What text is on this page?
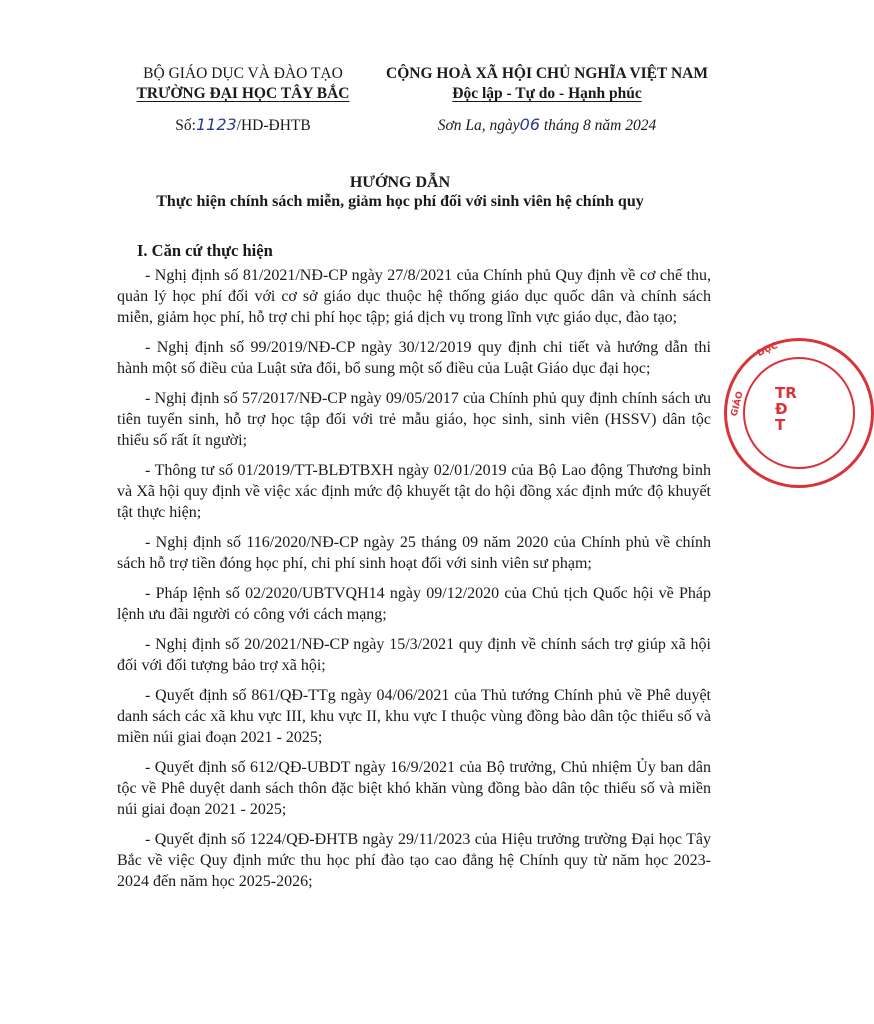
BỘ GIÁO DỤC VÀ ĐÀO TẠO
TRƯỜNG ĐẠI HỌC TÂY BẮC
CỘNG HOÀ XÃ HỘI CHỦ NGHĨA VIỆT NAM
Độc lập - Tự do - Hạnh phúc
Số:1123/HD-ĐHTB	Sơn La, ngày06 tháng 8 năm 2024
HƯỚNG DẪN
Thực hiện chính sách miễn, giảm học phí đối với sinh viên hệ chính quy
I. Căn cứ thực hiện

- Nghị định số 81/2021/NĐ-CP ngày 27/8/2021 của Chính phủ Quy định về cơ chế thu, quản lý học phí đối với cơ sở giáo dục thuộc hệ thống giáo dục quốc dân và chính sách miễn, giảm học phí, hỗ trợ chi phí học tập; giá dịch vụ trong lĩnh vực giáo dục, đào tạo;

- Nghị định số 99/2019/NĐ-CP ngày 30/12/2019 quy định chi tiết và hướng dẫn thi hành một số điều của Luật sửa đổi, bổ sung một số điều của Luật Giáo dục đại học;

- Nghị định số 57/2017/NĐ-CP ngày 09/05/2017 của Chính phủ quy định chính sách ưu tiên tuyển sinh, hỗ trợ học tập đối với trẻ mẫu giáo, học sinh, sinh viên (HSSV) dân tộc thiểu số rất ít người;

- Thông tư số 01/2019/TT-BLĐTBXH ngày 02/01/2019 của Bộ Lao động Thương binh và Xã hội quy định về việc xác định mức độ khuyết tật do hội đồng xác định mức độ khuyết tật thực hiện;

- Nghị định số 116/2020/NĐ-CP ngày 25 tháng 09 năm 2020 của Chính phủ về chính sách hỗ trợ tiền đóng học phí, chi phí sinh hoạt đối với sinh viên sư phạm;

- Pháp lệnh số 02/2020/UBTVQH14 ngày 09/12/2020 của Chủ tịch Quốc hội về Pháp lệnh ưu đãi người có công với cách mạng;

- Nghị định số 20/2021/NĐ-CP ngày 15/3/2021 quy định về chính sách trợ giúp xã hội đối với đối tượng bảo trợ xã hội;

- Quyết định số 861/QĐ-TTg ngày 04/06/2021 của Thủ tướng Chính phủ về Phê duyệt danh sách các xã khu vực III, khu vực II, khu vực I thuộc vùng đồng bào dân tộc thiểu số và miền núi giai đoạn 2021 - 2025;

- Quyết định số 612/QĐ-UBDT ngày 16/9/2021 của Bộ trưởng, Chủ nhiệm Ủy ban dân tộc về Phê duyệt danh sách thôn đặc biệt khó khăn vùng đồng bào dân tộc thiểu số và miền núi giai đoạn 2021 - 2025;

- Quyết định số 1224/QĐ-ĐHTB ngày 29/11/2023 của Hiệu trưởng trường Đại học Tây Bắc về việc Quy định mức thu học phí đào tạo cao đẳng hệ Chính quy từ năm học 2023-2024 đến năm học 2025-2026;

DỤC
GIÁO TR
Đ
T
